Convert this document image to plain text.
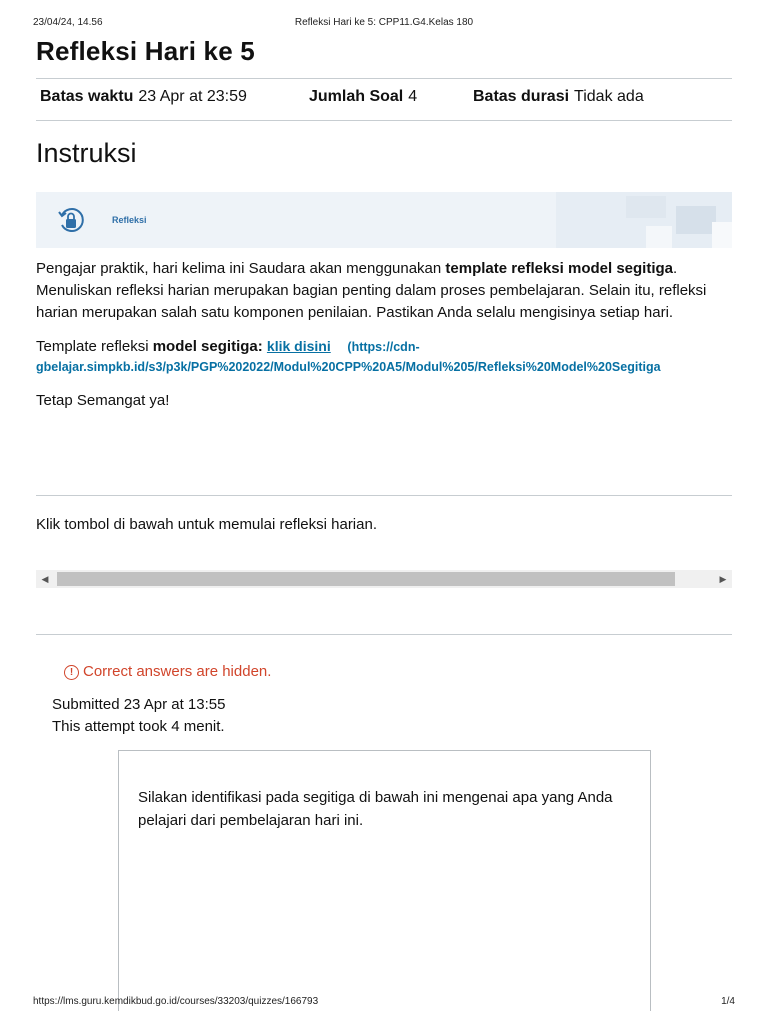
23/04/24, 14.56	Refleksi Hari ke 5: CPP11.G4.Kelas 180
Refleksi Hari ke 5
Batas waktu 23 Apr at 23:59	Jumlah Soal 4	Batas durasi Tidak ada
Instruksi
Refleksi

Pengajar praktik, hari kelima ini Saudara akan menggunakan template refleksi model segitiga. Menuliskan refleksi harian merupakan bagian penting dalam proses pembelajaran. Selain itu, refleksi harian merupakan salah satu komponen penilaian. Pastikan Anda selalu mengisinya setiap hari.

Template refleksi model segitiga: klik disini (https://cdn-

gbelajar.simpkb.id/s3/p3k/PGP%202022/Modul%20CPP%20A5/Modul%205/Refleksi%20Model%20Segitiga

Tetap Semangat ya!

Klik tombol di bawah untuk memulai refleksi harian.

◀	▶
! Correct answers are hidden.
Submitted 23 Apr at 13:55
This attempt took 4 menit.

Silakan identifikasi pada segitiga di bawah ini mengenai apa yang Anda pelajari dari pembelajaran hari ini.

https://lms.guru.kemdikbud.go.id/courses/33203/quizzes/166793	1/4
